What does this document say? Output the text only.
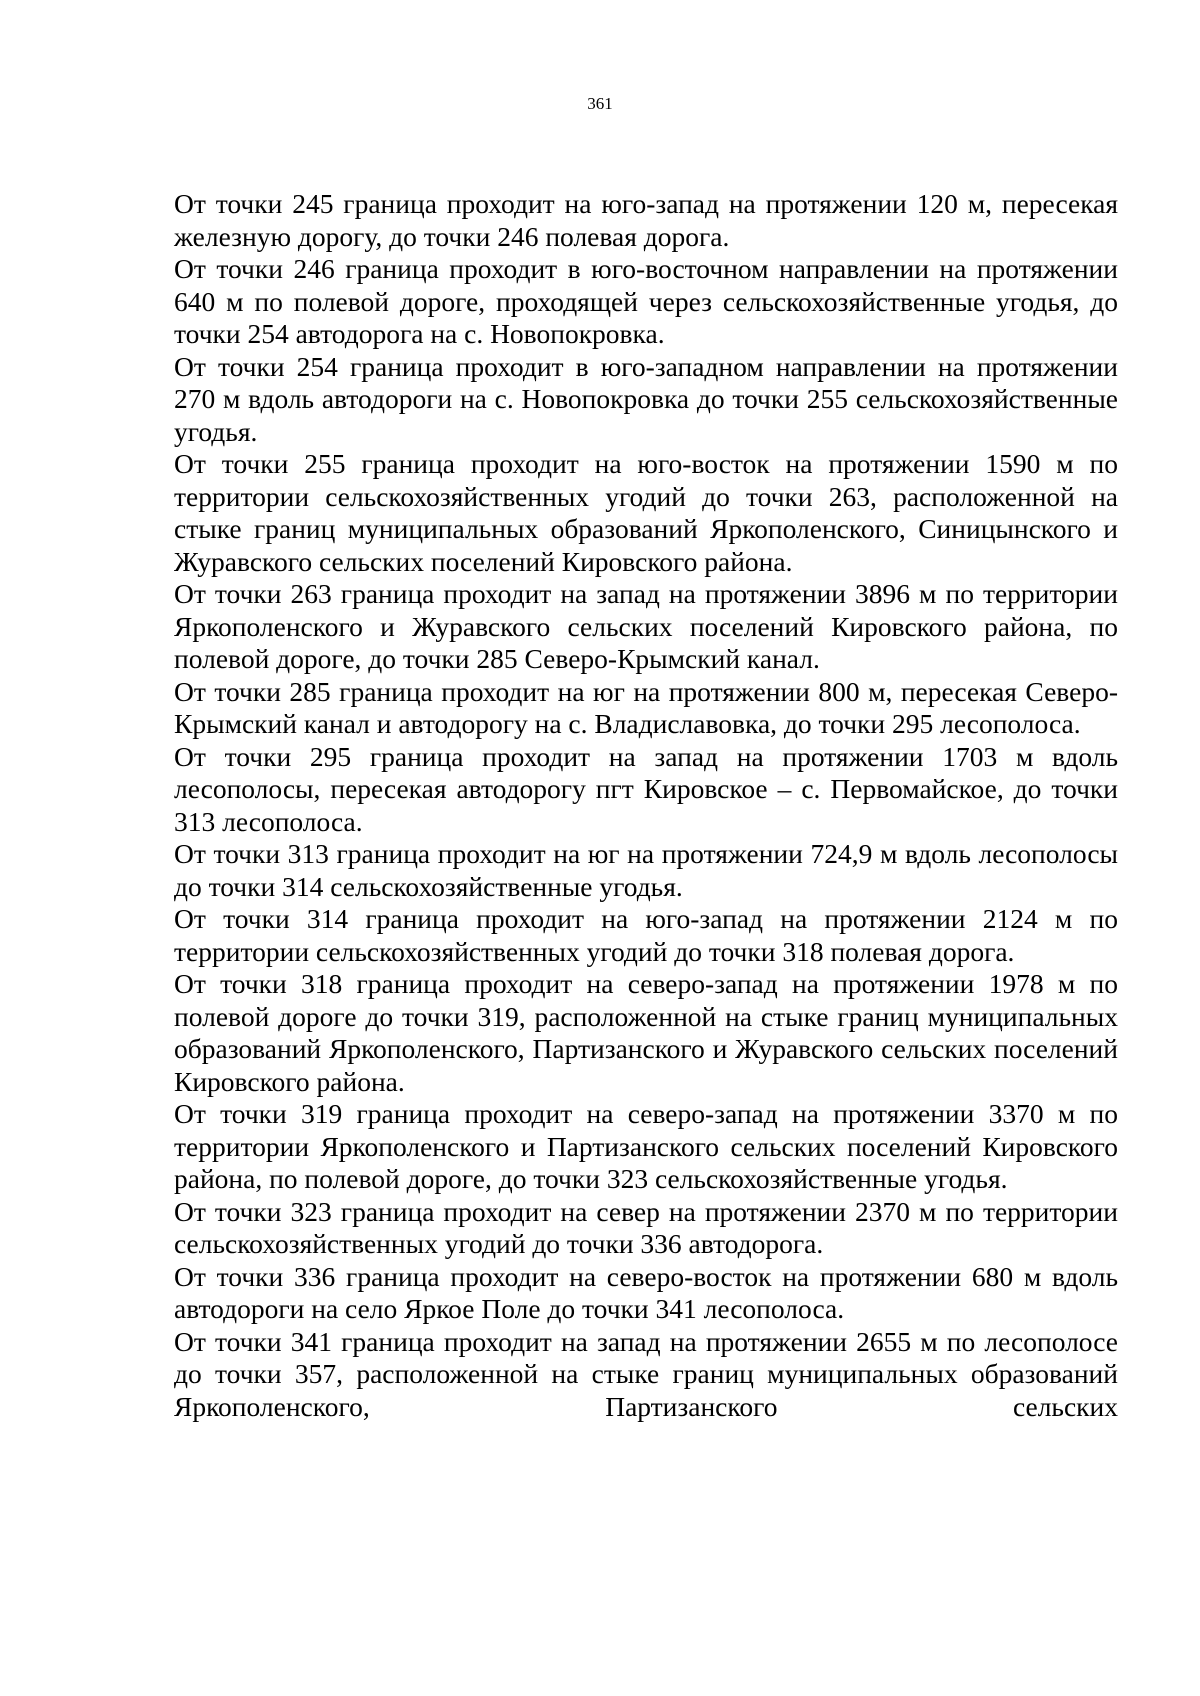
361

От точки 245 граница проходит на юго-запад на протяжении 120 м, пересекая железную дорогу, до точки 246 полевая дорога.

От точки 246 граница проходит в юго-восточном направлении на протяжении 640 м по полевой дороге, проходящей через сельскохозяйственные угодья, до точки 254 автодорога на с. Новопокровка.

От точки 254 граница проходит в юго-западном направлении на протяжении 270 м вдоль автодороги на с. Новопокровка до точки 255 сельскохозяйственные угодья.

От точки 255 граница проходит на юго-восток на протяжении 1590 м по территории сельскохозяйственных угодий до точки 263, расположенной на стыке границ муниципальных образований Яркополенского, Синицынского и Журавского сельских поселений Кировского района.

От точки 263 граница проходит на запад на протяжении 3896 м по территории Яркополенского и Журавского сельских поселений Кировского района, по полевой дороге, до точки 285 Северо-Крымский канал.

От точки 285 граница проходит на юг на протяжении 800 м, пересекая Северо-Крымский канал и автодорогу на с. Владиславовка, до точки 295 лесополоса.

От точки 295 граница проходит на запад на протяжении 1703 м вдоль лесополосы, пересекая автодорогу пгт Кировское – с. Первомайское, до точки 313 лесополоса.

От точки 313 граница проходит на юг на протяжении 724,9 м вдоль лесополосы до точки 314 сельскохозяйственные угодья.

От точки 314 граница проходит на юго-запад на протяжении 2124 м по территории сельскохозяйственных угодий до точки 318 полевая дорога.

От точки 318 граница проходит на северо-запад на протяжении 1978 м по полевой дороге до точки 319, расположенной на стыке границ муниципальных образований Яркополенского, Партизанского и Журавского сельских поселений Кировского района.

От точки 319 граница проходит на северо-запад на протяжении 3370 м по территории Яркополенского и Партизанского сельских поселений Кировского района, по полевой дороге, до точки 323 сельскохозяйственные угодья.

От точки 323 граница проходит на север на протяжении 2370 м по территории сельскохозяйственных угодий до точки 336 автодорога.

От точки 336 граница проходит на северо-восток на протяжении 680 м вдоль автодороги на село Яркое Поле до точки 341 лесополоса.

От точки 341 граница проходит на запад на протяжении 2655 м по лесополосе до точки 357, расположенной на стыке границ муниципальных образований Яркополенского, Партизанского сельских
